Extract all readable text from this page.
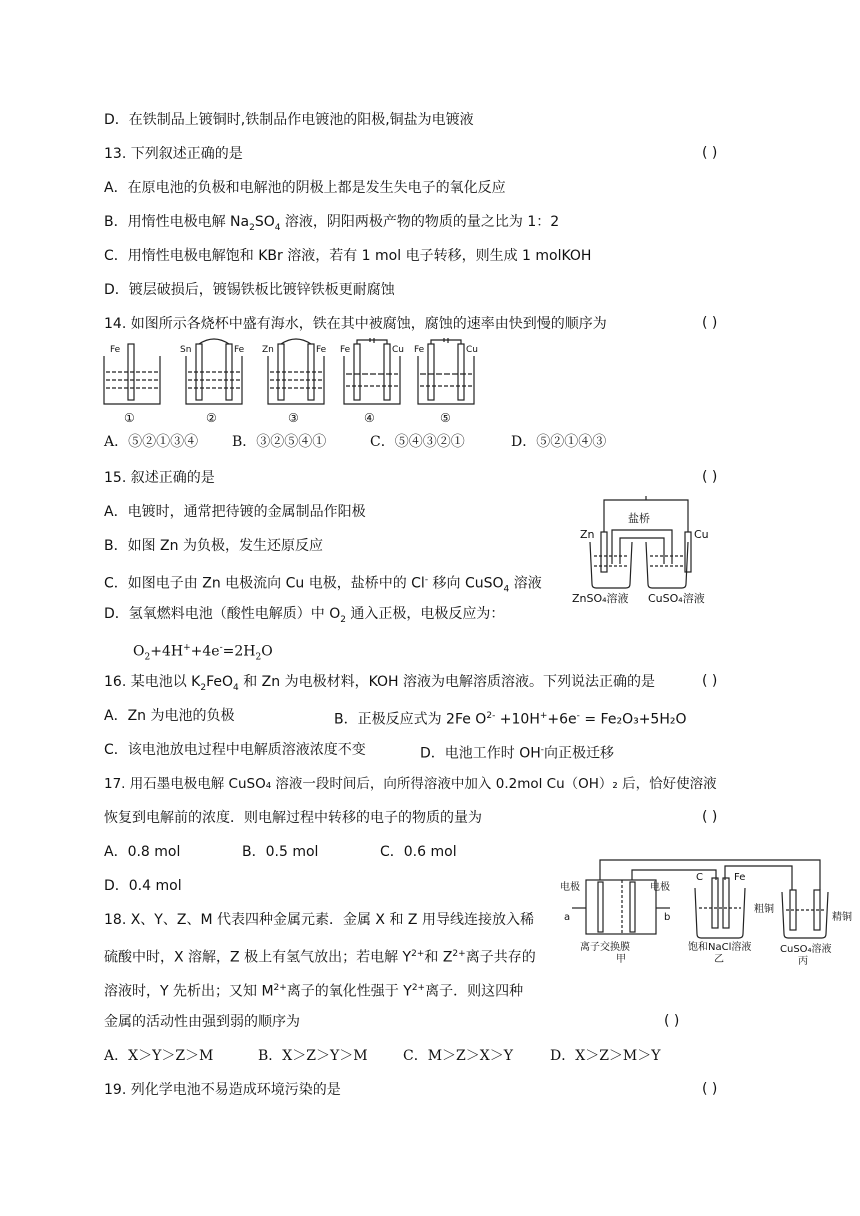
D．在铁制品上镀铜时,铁制品作电镀池的阳极,铜盐为电镀液
13. 下列叙述正确的是	( )
A．在原电池的负极和电解池的阴极上都是发生失电子的氧化反应
B．用惰性电极电解 $Na_2SO_4$ 溶液，阴阳两极产物的物质的量之比为 1：2
C．用惰性电极电解饱和 KBr 溶液，若有 1 mol 电子转移，则生成 1 molKOH
D．镀层破损后，镀锡铁板比镀锌铁板更耐腐蚀
14. 如图所示各烧杯中盛有海水，铁在其中被腐蚀，腐蚀的速率由快到慢的顺序为	( )
Fe	Sn	Fe Zn	Fe Fe	Cu Fe	Cu
①	②	③	④	⑤
A．⑤②①③④ B．③②⑤④①	C．⑤④③②①	D．⑤②①④③
15. 叙述正确的是	( )
A．电镀时，通常把待镀的金属制品作阳极
B．如图 Zn 为负极，发生还原反应
C．如图电子由 Zn 电极流向 Cu 电极，盐桥中的 Cl- 移向 CuSO$_4$ 溶液
D．氢氧燃料电池（酸性电解质）中 $O_2$ 通入正极，电极反应为：
$O_2+4H^++4e^-=2H_2O$
盐桥
Zn	Cu
ZnSO₄溶液 CuSO₄溶液
16. 某电池以 $K_2FeO_4$ 和 Zn 为电极材料，KOH 溶液为电解溶质溶液。下列说法正确的是	( )
A．Zn 为电池的负极	B．正极反应式为 2Fe $O^{2-} +10H^++6e^- = Fe_2O_3+5H_2O$
C．该电池放电过程中电解质溶液浓度不变	D．电池工作时 OH-向正极迁移
17. 用石墨电极电解 CuSO₄ 溶液一段时间后，向所得溶液中加入 0.2mol Cu（OH）₂ 后，恰好使溶液
恢复到电解前的浓度．则电解过程中转移的电子的物质的量为	( )
A．0.8 mol	B．0.5 mol	C．0.6 mol
D．0.4 mol	电极	电极
a	b
离子交换膜
甲
C	Fe
饱和NaCl溶液
乙
粗铜
精铜
CuSO₄溶液
丙
18. X、Y、Z、M 代表四种金属元素．金属 X 和 Z 用导线连接放入稀
硫酸中时，X 溶解，Z 极上有氢气放出；若电解 $Y^{2+}$和 $Z^{2+}$离子共存的
溶液时，Y 先析出；又知 $M^{2+}$离子的氧化性强于 $Y^{2+}$离子．则这四种
金属的活动性由强到弱的顺序为	( )
A．X＞Y＞Z＞M	B．X＞Z＞Y＞M	C．M＞Z＞X＞Y	D．X＞Z＞M＞Y
19. 列化学电池不易造成环境污染的是	( )
